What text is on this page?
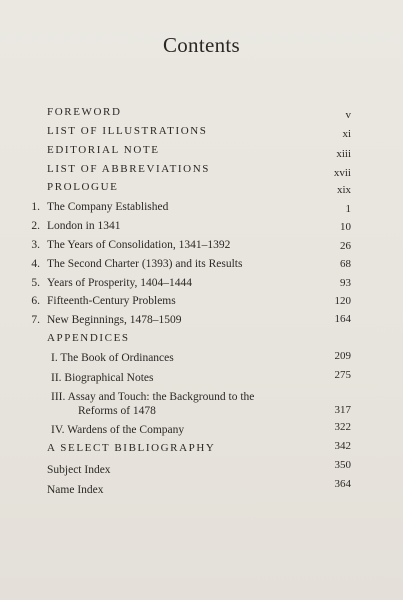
Contents
FOREWORD	v
LIST OF ILLUSTRATIONS	xi
EDITORIAL NOTE	xiii
LIST OF ABBREVIATIONS	xvii
PROLOGUE	xix
1. The Company Established	1
2. London in 1341	10
3. The Years of Consolidation, 1341–1392	26
4. The Second Charter (1393) and its Results	68
5. Years of Prosperity, 1404–1444	93
6. Fifteenth-Century Problems	120
7. New Beginnings, 1478–1509	164
APPENDICES
I. The Book of Ordinances	209
II. Biographical Notes	275
III. Assay and Touch: the Background to the
Reforms of 1478	317
IV. Wardens of the Company	322
A SELECT BIBLIOGRAPHY	342
Subject Index	350
Name Index	364
